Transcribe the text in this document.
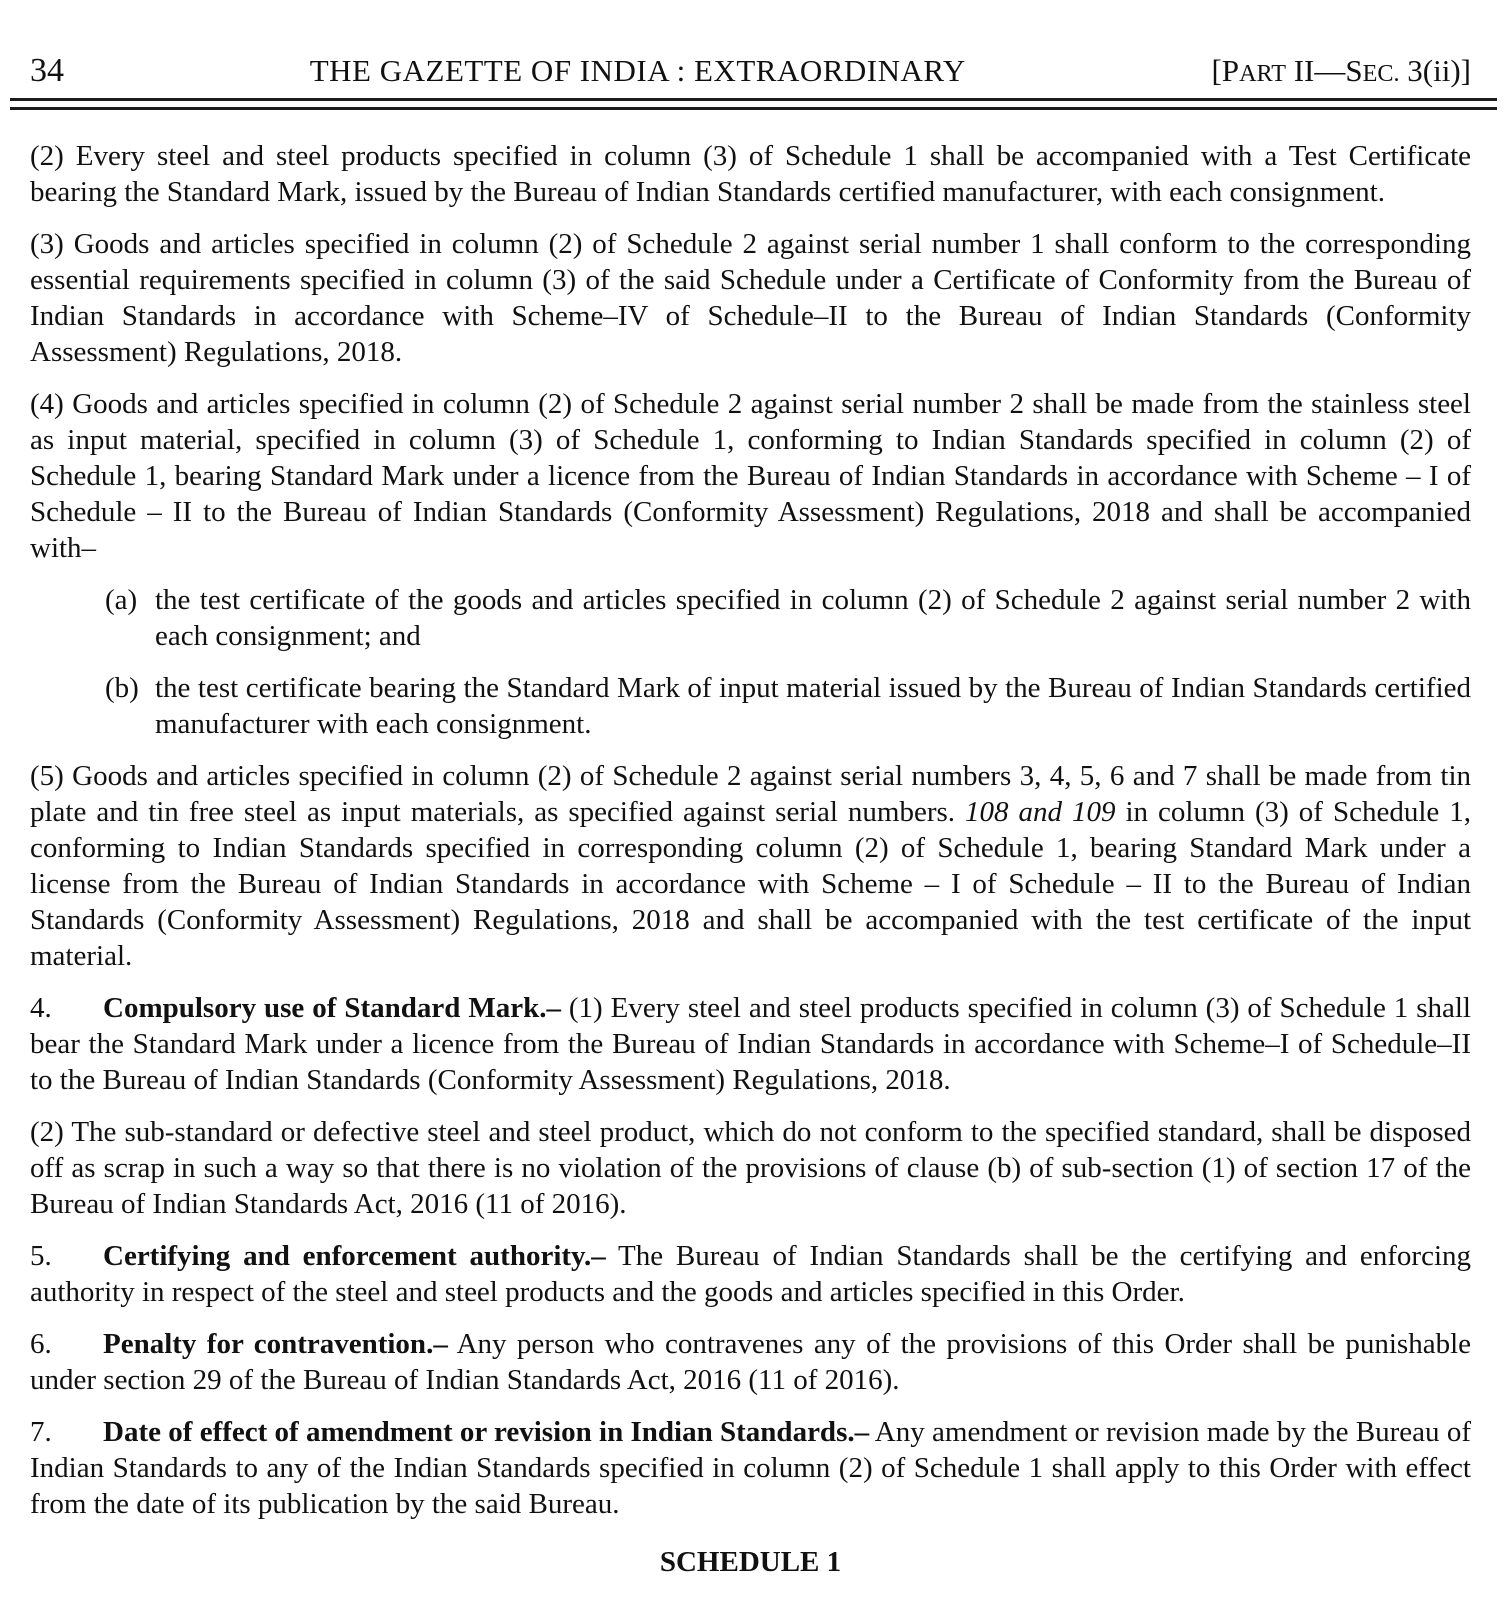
34	THE GAZETTE OF INDIA : EXTRAORDINARY	[PART II—SEC. 3(ii)]

(2) Every steel and steel products specified in column (3) of Schedule 1 shall be accompanied with a Test Certificate bearing the Standard Mark, issued by the Bureau of Indian Standards certified manufacturer, with each consignment.

(3) Goods and articles specified in column (2) of Schedule 2 against serial number 1 shall conform to the corresponding essential requirements specified in column (3) of the said Schedule under a Certificate of Conformity from the Bureau of Indian Standards in accordance with Scheme–IV of Schedule–II to the Bureau of Indian Standards (Conformity Assessment) Regulations, 2018.

(4) Goods and articles specified in column (2) of Schedule 2 against serial number 2 shall be made from the stainless steel as input material, specified in column (3) of Schedule 1, conforming to Indian Standards specified in column (2) of Schedule 1, bearing Standard Mark under a licence from the Bureau of Indian Standards in accordance with Scheme – I of Schedule – II to the Bureau of Indian Standards (Conformity Assessment) Regulations, 2018 and shall be accompanied with–

(a) the test certificate of the goods and articles specified in column (2) of Schedule 2 against serial number 2 with each consignment; and
(b) the test certificate bearing the Standard Mark of input material issued by the Bureau of Indian Standards certified manufacturer with each consignment.

(5) Goods and articles specified in column (2) of Schedule 2 against serial numbers 3, 4, 5, 6 and 7 shall be made from tin plate and tin free steel as input materials, as specified against serial numbers. 108 and 109 in column (3) of Schedule 1, conforming to Indian Standards specified in corresponding column (2) of Schedule 1, bearing Standard Mark under a license from the Bureau of Indian Standards in accordance with Scheme – I of Schedule – II to the Bureau of Indian Standards (Conformity Assessment) Regulations, 2018 and shall be accompanied with the test certificate of the input material.

4. Compulsory use of Standard Mark.– (1) Every steel and steel products specified in column (3) of Schedule 1 shall bear the Standard Mark under a licence from the Bureau of Indian Standards in accordance with Scheme–I of Schedule–II to the Bureau of Indian Standards (Conformity Assessment) Regulations, 2018.

(2) The sub-standard or defective steel and steel product, which do not conform to the specified standard, shall be disposed off as scrap in such a way so that there is no violation of the provisions of clause (b) of sub-section (1) of section 17 of the Bureau of Indian Standards Act, 2016 (11 of 2016).

5. Certifying and enforcement authority.– The Bureau of Indian Standards shall be the certifying and enforcing authority in respect of the steel and steel products and the goods and articles specified in this Order.

6. Penalty for contravention.– Any person who contravenes any of the provisions of this Order shall be punishable under section 29 of the Bureau of Indian Standards Act, 2016 (11 of 2016).

7. Date of effect of amendment or revision in Indian Standards.– Any amendment or revision made by the Bureau of Indian Standards to any of the Indian Standards specified in column (2) of Schedule 1 shall apply to this Order with effect from the date of its publication by the said Bureau.

SCHEDULE 1
